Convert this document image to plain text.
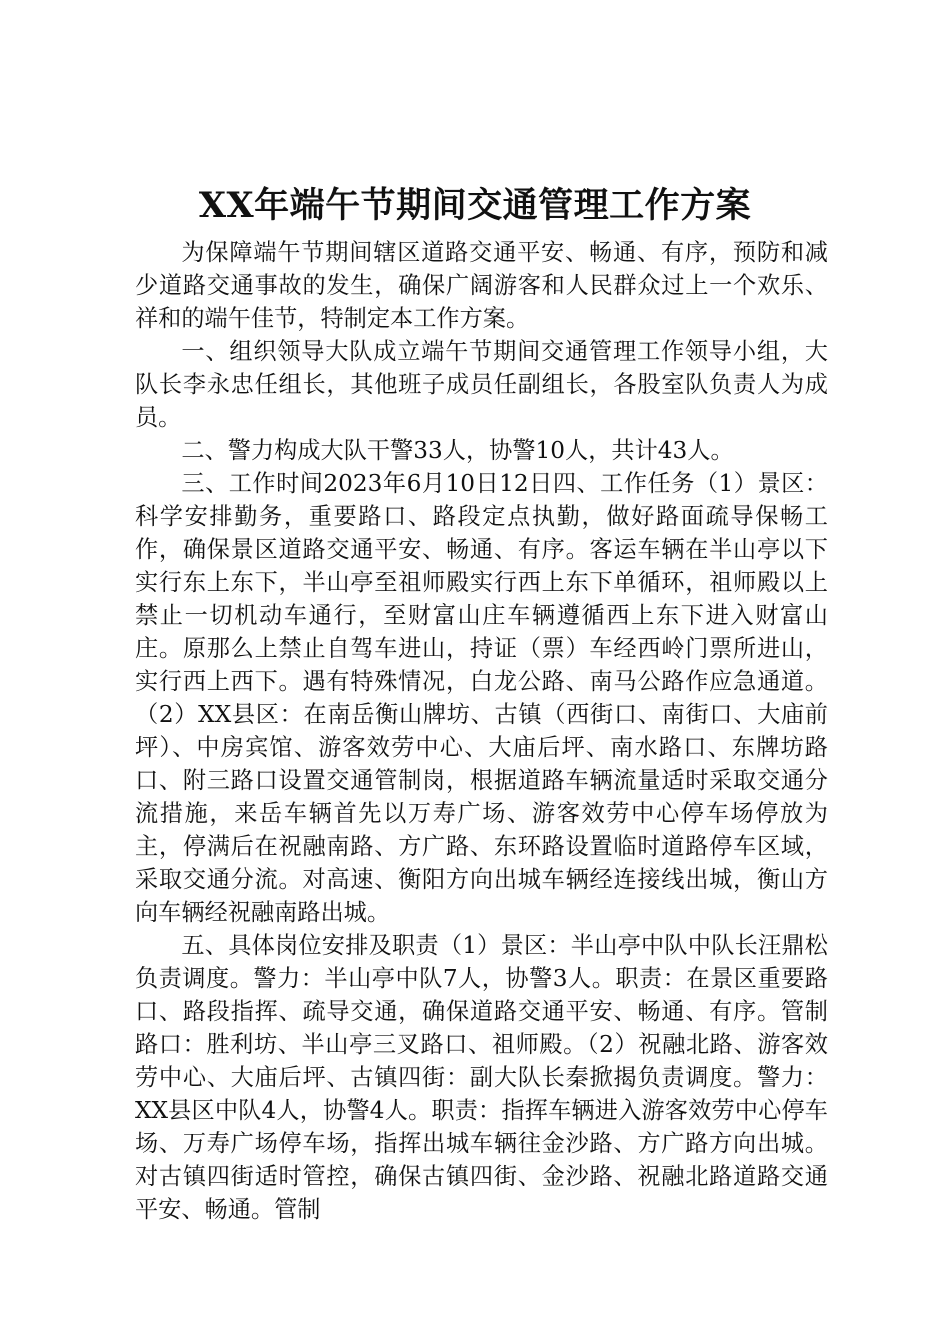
XX年端午节期间交通管理工作方案

为保障端午节期间辖区道路交通平安、畅通、有序，预防和减少道路交通事故的发生，确保广阔游客和人民群众过上一个欢乐、祥和的端午佳节，特制定本工作方案。

一、组织领导大队成立端午节期间交通管理工作领导小组，大队长李永忠任组长，其他班子成员任副组长，各股室队负责人为成员。

二、警力构成大队干警33人，协警10人，共计43人。

三、工作时间2023年6月10日12日四、工作任务（1）景区：科学安排勤务，重要路口、路段定点执勤，做好路面疏导保畅工作，确保景区道路交通平安、畅通、有序。客运车辆在半山亭以下实行东上东下，半山亭至祖师殿实行西上东下单循环，祖师殿以上禁止一切机动车通行，至财富山庄车辆遵循西上东下进入财富山庄。原那么上禁止自驾车进山，持证（票）车经西岭门票所进山，实行西上西下。遇有特殊情况，白龙公路、南马公路作应急通道。（2）XX县区：在南岳衡山牌坊、古镇（西街口、南街口、大庙前坪）、中房宾馆、游客效劳中心、大庙后坪、南水路口、东牌坊路口、附三路口设置交通管制岗，根据道路车辆流量适时采取交通分流措施，来岳车辆首先以万寿广场、游客效劳中心停车场停放为主，停满后在祝融南路、方广路、东环路设置临时道路停车区域，采取交通分流。对高速、衡阳方向出城车辆经连接线出城，衡山方向车辆经祝融南路出城。

五、具体岗位安排及职责（1）景区：半山亭中队中队长汪鼎松负责调度。警力：半山亭中队7人，协警3人。职责：在景区重要路口、路段指挥、疏导交通，确保道路交通平安、畅通、有序。管制路口：胜利坊、半山亭三叉路口、祖师殿。（2）祝融北路、游客效劳中心、大庙后坪、古镇四街：副大队长秦掀揭负责调度。警力：XX县区中队4人，协警4人。职责：指挥车辆进入游客效劳中心停车场、万寿广场停车场，指挥出城车辆往金沙路、方广路方向出城。对古镇四街适时管控，确保古镇四街、金沙路、祝融北路道路交通平安、畅通。管制
